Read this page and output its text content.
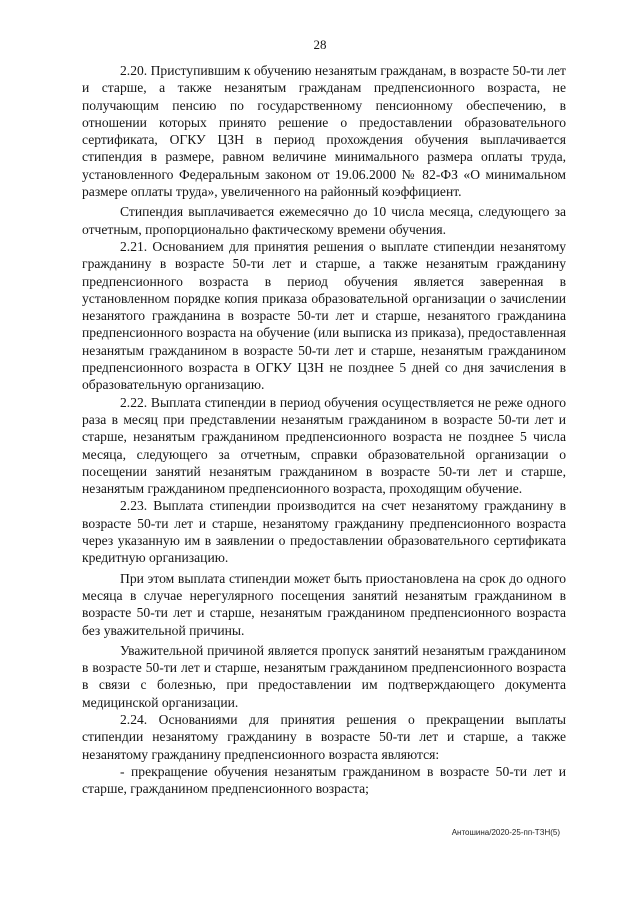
28

2.20. Приступившим к обучению незанятым гражданам, в возрасте 50-ти лет и старше, а также незанятым гражданам предпенсионного возраста, не получающим пенсию по государственному пенсионному обеспечению, в отношении которых принято решение о предоставлении образовательного сертификата, ОГКУ ЦЗН в период прохождения обучения выплачивается стипендия в размере, равном величине минимального размера оплаты труда, установленного Федеральным законом от 19.06.2000 № 82-ФЗ «О минимальном размере оплаты труда», увеличенного на районный коэффициент.

Стипендия выплачивается ежемесячно до 10 числа месяца, следующего за отчетным, пропорционально фактическому времени обучения.

2.21. Основанием для принятия решения о выплате стипендии незанятому гражданину в возрасте 50-ти лет и старше, а также незанятым гражданину предпенсионного возраста в период обучения является заверенная в установленном порядке копия приказа образовательной организации о зачислении незанятого гражданина в возрасте 50-ти лет и старше, незанятого гражданина предпенсионного возраста на обучение (или выписка из приказа), предоставленная незанятым гражданином в возрасте 50-ти лет и старше, незанятым гражданином предпенсионного возраста в ОГКУ ЦЗН не позднее 5 дней со дня зачисления в образовательную организацию.

2.22. Выплата стипендии в период обучения осуществляется не реже одного раза в месяц при представлении незанятым гражданином в возрасте 50-ти лет и старше, незанятым гражданином предпенсионного возраста не позднее 5 числа месяца, следующего за отчетным, справки образовательной организации о посещении занятий незанятым гражданином в возрасте 50-ти лет и старше, незанятым гражданином предпенсионного возраста, проходящим обучение.

2.23. Выплата стипендии производится на счет незанятому гражданину в возрасте 50-ти лет и старше, незанятому гражданину предпенсионного возраста через указанную им в заявлении о предоставлении образовательного сертификата кредитную организацию.

При этом выплата стипендии может быть приостановлена на срок до одного месяца в случае нерегулярного посещения занятий незанятым гражданином в возрасте 50-ти лет и старше, незанятым гражданином предпенсионного возраста без уважительной причины.

Уважительной причиной является пропуск занятий незанятым гражданином в возрасте 50-ти лет и старше, незанятым гражданином предпенсионного возраста в связи с болезнью, при предоставлении им подтверждающего документа медицинской организации.

2.24. Основаниями для принятия решения о прекращении выплаты стипендии незанятому гражданину в возрасте 50-ти лет и старше, а также незанятому гражданину предпенсионного возраста являются:

- прекращение обучения незанятым гражданином в возрасте 50-ти лет и старше, гражданином предпенсионного возраста;

Антошина/2020-25-пп-ТЗН(5)
